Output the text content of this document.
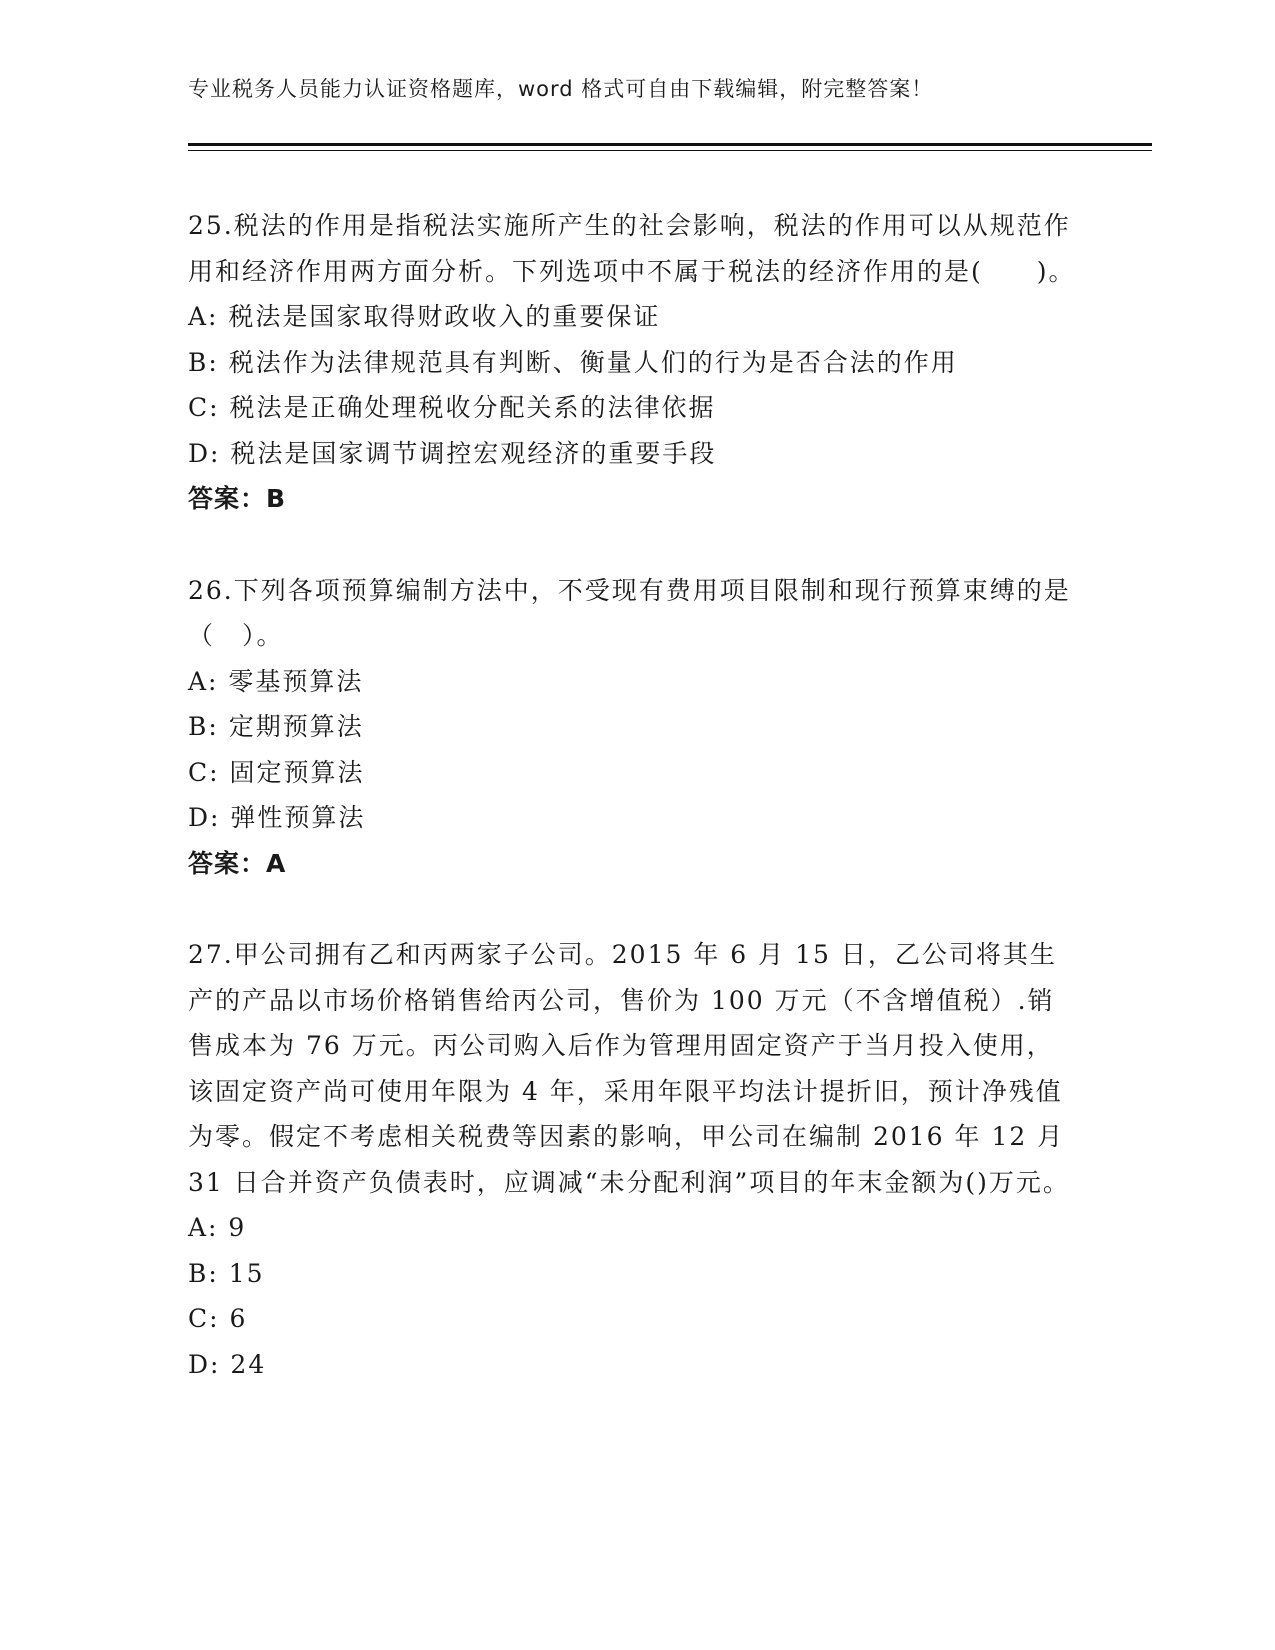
专业税务人员能力认证资格题库，word 格式可自由下载编辑，附完整答案！

25.税法的作用是指税法实施所产生的社会影响，税法的作用可以从规范作用和经济作用两方面分析。下列选项中不属于税法的经济作用的是(　　)。

A: 税法是国家取得财政收入的重要保证

B: 税法作为法律规范具有判断、衡量人们的行为是否合法的作用

C: 税法是正确处理税收分配关系的法律依据

D: 税法是国家调节调控宏观经济的重要手段

答案：B

26.下列各项预算编制方法中，不受现有费用项目限制和现行预算束缚的是（　）。

A: 零基预算法

B: 定期预算法

C: 固定预算法

D: 弹性预算法

答案：A

27.甲公司拥有乙和丙两家子公司。2015 年 6 月 15 日，乙公司将其生产的产品以市场价格销售给丙公司，售价为 100 万元（不含增值税）.销售成本为 76 万元。丙公司购入后作为管理用固定资产于当月投入使用，该固定资产尚可使用年限为 4 年，采用年限平均法计提折旧，预计净残值为零。假定不考虑相关税费等因素的影响，甲公司在编制 2016 年 12 月 31 日合并资产负债表时，应调减“未分配利润”项目的年末金额为()万元。

A: 9

B: 15

C: 6

D: 24
